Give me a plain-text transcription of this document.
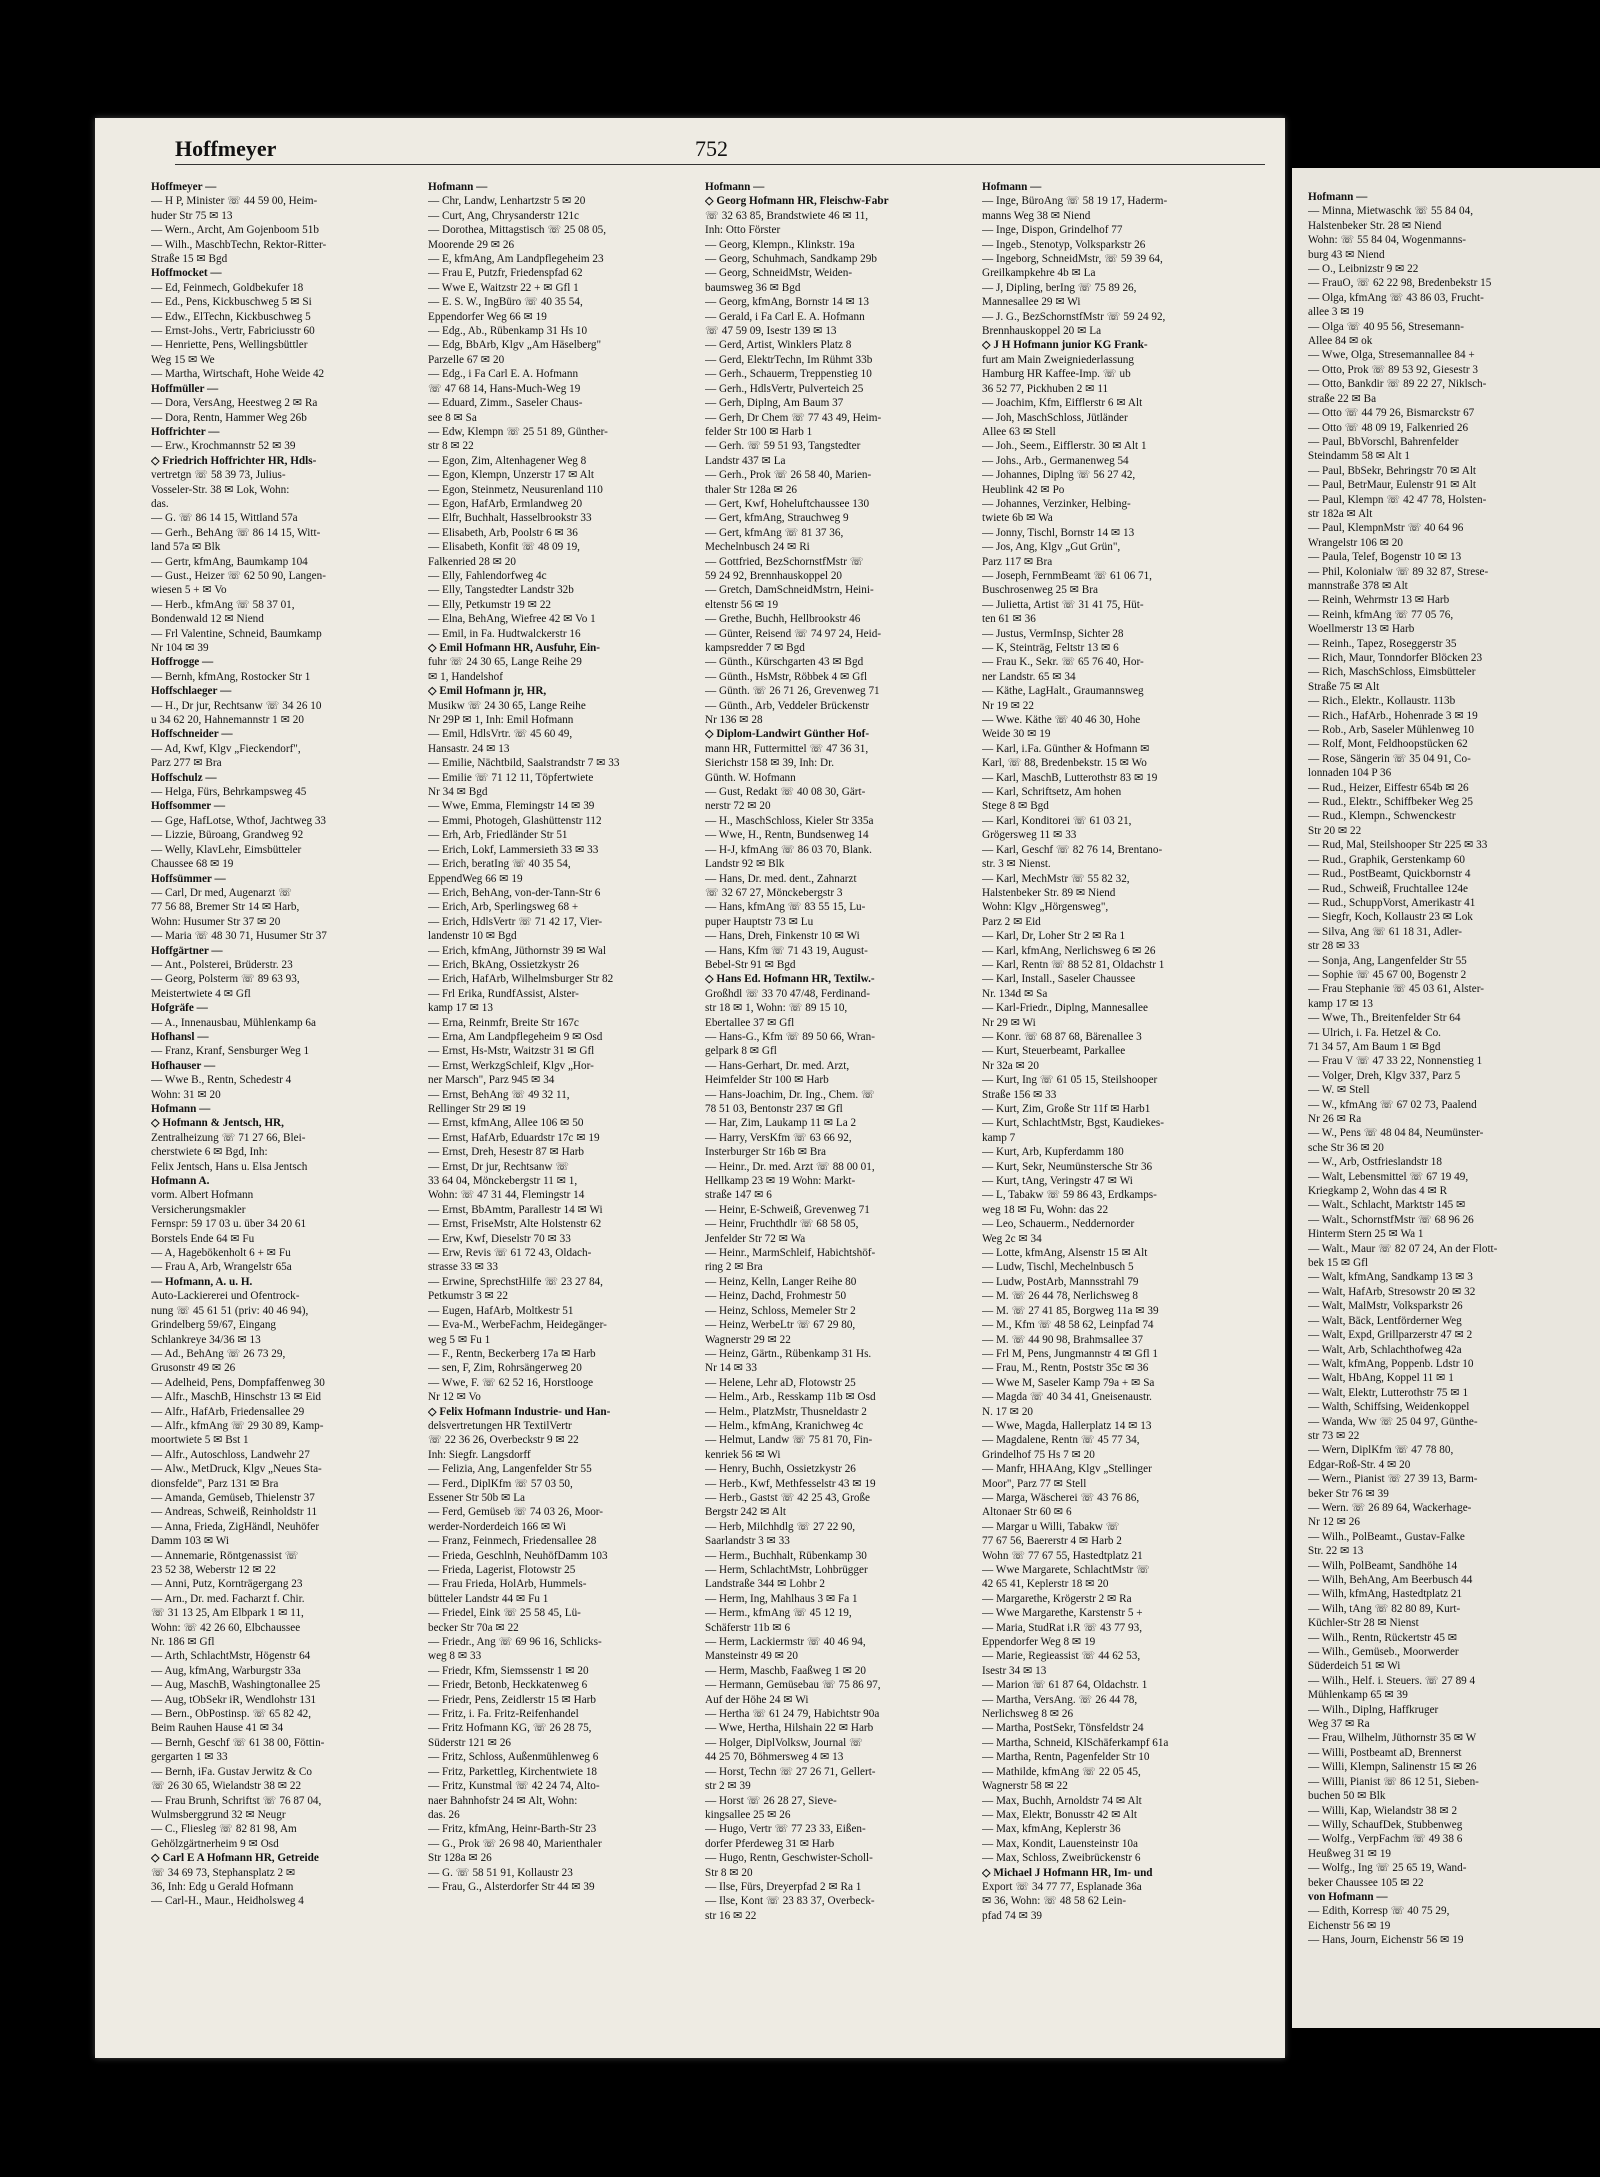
Hoffmeyer	752
Hoffmeyer —
— H P, Minister ☏ 44 59 00, Heim-
huder Str 75 ✉ 13
— Wern., Archt, Am Gojenboom 51b
— Wilh., MaschbTechn, Rektor-Ritter-
Straße 15 ✉ Bgd
Hoffmocket —
— Ed, Feinmech, Goldbekufer 18
— Ed., Pens, Kickbuschweg 5 ✉ Si
— Edw., ElTechn, Kickbuschweg 5
— Ernst-Johs., Vertr, Fabriciusstr 60
— Henriette, Pens, Wellingsbüttler
Weg 15 ✉ We
— Martha, Wirtschaft, Hohe Weide 42
Hoffmüller —
— Dora, VersAng, Heestweg 2 ✉ Ra
— Dora, Rentn, Hammer Weg 26b
Hoffrichter —
— Erw., Krochmannstr 52 ✉ 39
◇ Friedrich Hoffrichter HR, Hdls-
vertretgn ☏ 58 39 73, Julius-
Vosseler-Str. 38 ✉ Lok, Wohn:
das.
— G. ☏ 86 14 15, Wittland 57a
— Gerh., BehAng ☏ 86 14 15, Witt-
land 57a ✉ Blk
— Gertr, kfmAng, Baumkamp 104
— Gust., Heizer ☏ 62 50 90, Langen-
wiesen 5 + ✉ Vo
— Herb., kfmAng ☏ 58 37 01,
Bondenwald 12 ✉ Niend
— Frl Valentine, Schneid, Baumkamp
Nr 104 ✉ 39
Hoffrogge —
— Bernh, kfmAng, Rostocker Str 1
Hoffschlaeger —
— H., Dr jur, Rechtsanw ☏ 34 26 10
u 34 62 20, Hahnemannstr 1 ✉ 20
Hoffschneider —
— Ad, Kwf, Klgv „Fieckendorf",
Parz 277 ✉ Bra
Hoffschulz —
— Helga, Fürs, Behrkampsweg 45
Hoffsommer —
— Gge, HafLotse, Wthof, Jachtweg 33
— Lizzie, Büroang, Grandweg 92
— Welly, KlavLehr, Eimsbütteler
Chaussee 68 ✉ 19
Hoffsümmer —
— Carl, Dr med, Augenarzt ☏
77 56 88, Bremer Str 14 ✉ Harb,
Wohn: Husumer Str 37 ✉ 20
— Maria ☏ 48 30 71, Husumer Str 37
Hoffgärtner —
— Ant., Polsterei, Brüderstr. 23
— Georg, Polsterm ☏ 89 63 93,
Meistertwiete 4 ✉ Gfl
Hofgräfe —
— A., Innenausbau, Mühlenkamp 6a
Hofhansl —
— Franz, Kranf, Sensburger Weg 1
Hofhauser —
— Wwe B., Rentn, Schedestr 4
Wohn: 31 ✉ 20
Hofmann —
◇ Hofmann & Jentsch, HR,
Zentralheizung ☏ 71 27 66, Blei-
cherstwiete 6 ✉ Bgd, Inh:
Felix Jentsch, Hans u. Elsa Jentsch
Hofmann A.
vorm. Albert Hofmann
Versicherungsmakler
Fernspr: 59 17 03 u. über 34 20 61
Borstels Ende 64 ✉ Fu
— A, Hagebökenholt 6 + ✉ Fu
— Frau A, Arb, Wrangelstr 65a
— Hofmann, A. u. H.
Auto-Lackiererei und Ofentrock-
nung ☏ 45 61 51 (priv: 40 46 94),
Grindelberg 59/67, Eingang
Schlankreye 34/36 ✉ 13
— Ad., BehAng ☏ 26 73 29,
Grusonstr 49 ✉ 26
— Adelheid, Pens, Dompfaffenweg 30
— Alfr., MaschB, Hinschstr 13 ✉ Eid
— Alfr., HafArb, Friedensallee 29
— Alfr., kfmAng ☏ 29 30 89, Kamp-
moortwiete 5 ✉ Bst 1
— Alfr., Autoschloss, Landwehr 27
— Alw., MetDruck, Klgv „Neues Sta-
dionsfelde", Parz 131 ✉ Bra
— Amanda, Gemüseb, Thielenstr 37
— Andreas, Schweiß, Reinholdstr 11
— Anna, Frieda, ZigHändl, Neuhöfer
Damm 103 ✉ Wi
— Annemarie, Röntgenassist ☏
23 52 38, Weberstr 12 ✉ 22
— Anni, Putz, Kornträgergang 23
— Arn., Dr. med. Facharzt f. Chir.
☏ 31 13 25, Am Elbpark 1 ✉ 11,
Wohn: ☏ 42 26 60, Elbchaussee
Nr. 186 ✉ Gfl
— Arth, SchlachtMstr, Högenstr 64
— Aug, kfmAng, Warburgstr 33a
— Aug, MaschB, Washingtonallee 25
— Aug, tObSekr iR, Wendlohstr 131
— Bern., ObPostinsp. ☏ 65 82 42,
Beim Rauhen Hause 41 ✉ 34
— Bernh, Geschf ☏ 61 38 00, Föttin-
gergarten 1 ✉ 33
— Bernh, iFa. Gustav Jerwitz & Co
☏ 26 30 65, Wielandstr 38 ✉ 22
— Frau Brunh, Schriftst ☏ 76 87 04,
Wulmsberggrund 32 ✉ Neugr
— C., Fliesleg ☏ 82 81 98, Am
Gehölzgärtnerheim 9 ✉ Osd
◇ Carl E A Hofmann HR, Getreide
☏ 34 69 73, Stephansplatz 2 ✉
36, Inh: Edg u Gerald Hofmann
— Carl-H., Maur., Heidholsweg 4
Hofmann —
— Chr, Landw, Lenhartzstr 5 ✉ 20
— Curt, Ang, Chrysanderstr 121c
— Dorothea, Mittagstisch ☏ 25 08 05,
Moorende 29 ✉ 26
— E, kfmAng, Am Landpflegeheim 23
— Frau E, Putzfr, Friedenspfad 62
— Wwe E, Waitzstr 22 + ✉ Gfl 1
— E. S. W., IngBüro ☏ 40 35 54,
Eppendorfer Weg 66 ✉ 19
— Edg., Ab., Rübenkamp 31 Hs 10
— Edg, BbArb, Klgv „Am Häselberg"
Parzelle 67 ✉ 20
— Edg., i Fa Carl E. A. Hofmann
☏ 47 68 14, Hans-Much-Weg 19
— Eduard, Zimm., Saseler Chaus-
see 8 ✉ Sa
— Edw, Klempn ☏ 25 51 89, Günther-
str 8 ✉ 22
— Egon, Zim, Altenhagener Weg 8
— Egon, Klempn, Unzerstr 17 ✉ Alt
— Egon, Steinmetz, Neusurenland 110
— Egon, HafArb, Ermlandweg 20
— Elfr, Buchhalt, Hasselbrookstr 33
— Elisabeth, Arb, Poolstr 6 ✉ 36
— Elisabeth, Konfit ☏ 48 09 19,
Falkenried 28 ✉ 20
— Elly, Fahlendorfweg 4c
— Elly, Tangstedter Landstr 32b
— Elly, Petkumstr 19 ✉ 22
— Elna, BehAng, Wiefree 42 ✉ Vo 1
— Emil, in Fa. Hudtwalckerstr 16
◇ Emil Hofmann HR, Ausfuhr, Ein-
fuhr ☏ 24 30 65, Lange Reihe 29
✉ 1, Handelshof
◇ Emil Hofmann jr, HR,
Musikw ☏ 24 30 65, Lange Reihe
Nr 29P ✉ 1, Inh: Emil Hofmann
— Emil, HdlsVrtr. ☏ 45 60 49,
Hansastr. 24 ✉ 13
— Emilie, Nächtbild, Saalstrandstr 7 ✉ 33
— Emilie ☏ 71 12 11, Töpfertwiete
Nr 34 ✉ Bgd
— Wwe, Emma, Flemingstr 14 ✉ 39
— Emmi, Photogeh, Glashüttenstr 112
— Erh, Arb, Friedländer Str 51
— Erich, Lokf, Lammersieth 33 ✉ 33
— Erich, beratIng ☏ 40 35 54,
EppendWeg 66 ✉ 19
— Erich, BehAng, von-der-Tann-Str 6
— Erich, Arb, Sperlingsweg 68 +
— Erich, HdlsVertr ☏ 71 42 17, Vier-
landenstr 10 ✉ Bgd
— Erich, kfmAng, Jüthornstr 39 ✉ Wal
— Erich, BkAng, Ossietzkystr 26
— Erich, HafArb, Wilhelmsburger Str 82
— Frl Erika, RundfAssist, Alster-
kamp 17 ✉ 13
— Erna, Reinmfr, Breite Str 167c
— Erna, Am Landpflegeheim 9 ✉ Osd
— Ernst, Hs-Mstr, Waitzstr 31 ✉ Gfl
— Ernst, WerkzgSchleif, Klgv „Hor-
ner Marsch", Parz 945 ✉ 34
— Ernst, BehAng ☏ 49 32 11,
Rellinger Str 29 ✉ 19
— Ernst, kfmAng, Allee 106 ✉ 50
— Ernst, HafArb, Eduardstr 17c ✉ 19
— Ernst, Dreh, Hesestr 87 ✉ Harb
— Ernst, Dr jur, Rechtsanw ☏
33 64 04, Mönckebergstr 11 ✉ 1,
Wohn: ☏ 47 31 44, Flemingstr 14
— Ernst, BbAmtm, Parallestr 14 ✉ Wi
— Ernst, FriseMstr, Alte Holstenstr 62
— Erw, Kwf, Dieselstr 70 ✉ 33
— Erw, Revis ☏ 61 72 43, Oldach-
strasse 33 ✉ 33
— Erwine, SprechstHilfe ☏ 23 27 84,
Petkumstr 3 ✉ 22
— Eugen, HafArb, Moltkestr 51
— Eva-M., WerbeFachm, Heidegänger-
weg 5 ✉ Fu 1
— F., Rentn, Beckerberg 17a ✉ Harb
— sen, F, Zim, Rohrsängerweg 20
— Wwe, F. ☏ 62 52 16, Horstlooge
Nr 12 ✉ Vo
◇ Felix Hofmann Industrie- und Han-
delsvertretungen HR TextilVertr
☏ 22 36 26, Overbeckstr 9 ✉ 22
Inh: Siegfr. Langsdorff
— Felizia, Ang, Langenfelder Str 55
— Ferd., DiplKfm ☏ 57 03 50,
Essener Str 50b ✉ La
— Ferd, Gemüseb ☏ 74 03 26, Moor-
werder-Norderdeich 166 ✉ Wi
— Franz, Feinmech, Friedensallee 28
— Frieda, Geschlnh, NeuhöfDamm 103
— Frieda, Lagerist, Flotowstr 25
— Frau Frieda, HolArb, Hummels-
bütteler Landstr 44 ✉ Fu 1
— Friedel, Eink ☏ 25 58 45, Lü-
becker Str 70a ✉ 22
— Friedr., Ang ☏ 69 96 16, Schlicks-
weg 8 ✉ 33
— Friedr, Kfm, Siemssenstr 1 ✉ 20
— Friedr, Betonb, Heckkatenweg 6
— Friedr, Pens, Zeidlerstr 15 ✉ Harb
— Fritz, i. Fa. Fritz-Reifenhandel
— Fritz Hofmann KG, ☏ 26 28 75,
Süderstr 121 ✉ 26
— Fritz, Schloss, Außenmühlenweg 6
— Fritz, Parkettleg, Kirchentwiete 18
— Fritz, Kunstmal ☏ 42 24 74, Alto-
naer Bahnhofstr 24 ✉ Alt, Wohn:
das. 26
— Fritz, kfmAng, Heinr-Barth-Str 23
— G., Prok ☏ 26 98 40, Marienthaler
Str 128a ✉ 26
— G. ☏ 58 51 91, Kollaustr 23
— Frau, G., Alsterdorfer Str 44 ✉ 39
Hofmann —
◇ Georg Hofmann HR, Fleischw-Fabr
☏ 32 63 85, Brandstwiete 46 ✉ 11,
Inh: Otto Förster
— Georg, Klempn., Klinkstr. 19a
— Georg, Schuhmach, Sandkamp 29b
— Georg, SchneidMstr, Weiden-
baumsweg 36 ✉ Bgd
— Georg, kfmAng, Bornstr 14 ✉ 13
— Gerald, i Fa Carl E. A. Hofmann
☏ 47 59 09, Isestr 139 ✉ 13
— Gerd, Artist, Winklers Platz 8
— Gerd, ElektrTechn, Im Rühmt 33b
— Gerh., Schauerm, Treppenstieg 10
— Gerh., HdlsVertr, Pulverteich 25
— Gerh, Diplng, Am Baum 37
— Gerh, Dr Chem ☏ 77 43 49, Heim-
felder Str 100 ✉ Harb 1
— Gerh. ☏ 59 51 93, Tangstedter
Landstr 437 ✉ La
— Gerh., Prok ☏ 26 58 40, Marien-
thaler Str 128a ✉ 26
— Gert, Kwf, Hoheluftchaussee 130
— Gert, kfmAng, Strauchweg 9
— Gert, kfmAng ☏ 81 37 36,
Mechelnbusch 24 ✉ Ri
— Gottfried, BezSchornstfMstr ☏
59 24 92, Brennhauskoppel 20
— Gretch, DamSchneidMstrn, Heini-
eltenstr 56 ✉ 19
— Grethe, Buchh, Hellbrookstr 46
— Günter, Reisend ☏ 74 97 24, Heid-
kampsredder 7 ✉ Bgd
— Günth., Kürschgarten 43 ✉ Bgd
— Günth., HsMstr, Röbbek 4 ✉ Gfl
— Günth. ☏ 26 71 26, Grevenweg 71
— Günth., Arb, Veddeler Brückenstr
Nr 136 ✉ 28
◇ Diplom-Landwirt Günther Hof-
mann HR, Futtermittel ☏ 47 36 31,
Sierichstr 158 ✉ 39, Inh: Dr.
Günth. W. Hofmann
— Gust, Redakt ☏ 40 08 30, Gärt-
nerstr 72 ✉ 20
— H., MaschSchloss, Kieler Str 335a
— Wwe, H., Rentn, Bundsenweg 14
— H-J, kfmAng ☏ 86 03 70, Blank.
Landstr 92 ✉ Blk
— Hans, Dr. med. dent., Zahnarzt
☏ 32 67 27, Mönckebergstr 3
— Hans, kfmAng ☏ 83 55 15, Lu-
puper Hauptstr 73 ✉ Lu
— Hans, Dreh, Finkenstr 10 ✉ Wi
— Hans, Kfm ☏ 71 43 19, August-
Bebel-Str 91 ✉ Bgd
◇ Hans Ed. Hofmann HR, Textilw.-
Großhdl ☏ 33 70 47/48, Ferdinand-
str 18 ✉ 1, Wohn: ☏ 89 15 10,
Ebertallee 37 ✉ Gfl
— Hans-G., Kfm ☏ 89 50 66, Wran-
gelpark 8 ✉ Gfl
— Hans-Gerhart, Dr. med. Arzt,
Heimfelder Str 100 ✉ Harb
— Hans-Joachim, Dr. Ing., Chem. ☏
78 51 03, Bentonstr 237 ✉ Gfl
— Har, Zim, Laukamp 11 ✉ La 2
— Harry, VersKfm ☏ 63 66 92,
Insterburger Str 16b ✉ Bra
— Heinr., Dr. med. Arzt ☏ 88 00 01,
Hellkamp 23 ✉ 19 Wohn: Markt-
straße 147 ✉ 6
— Heinr, E-Schweiß, Grevenweg 71
— Heinr, Fruchthdlr ☏ 68 58 05,
Jenfelder Str 72 ✉ Wa
— Heinr., MarmSchleif, Habichtshöf-
ring 2 ✉ Bra
— Heinz, Kelln, Langer Reihe 80
— Heinz, Dachd, Frohmestr 50
— Heinz, Schloss, Memeler Str 2
— Heinz, WerbeLtr ☏ 67 29 80,
Wagnerstr 29 ✉ 22
— Heinz, Gärtn., Rübenkamp 31 Hs.
Nr 14 ✉ 33
— Helene, Lehr aD, Flotowstr 25
— Helm., Arb., Resskamp 11b ✉ Osd
— Helm., PlatzMstr, Thusneldastr 2
— Helm., kfmAng, Kranichweg 4c
— Helmut, Landw ☏ 75 81 70, Fin-
kenriek 56 ✉ Wi
— Henry, Buchh, Ossietzkystr 26
— Herb., Kwf, Methfesselstr 43 ✉ 19
— Herb., Gastst ☏ 42 25 43, Große
Bergstr 242 ✉ Alt
— Herb, Milchhdlg ☏ 27 22 90,
Saarlandstr 3 ✉ 33
— Herm., Buchhalt, Rübenkamp 30
— Herm, SchlachtMstr, Lohbrügger
Landstraße 344 ✉ Lohbr 2
— Herm, Ing, Mahlhaus 3 ✉ Fa 1
— Herm., kfmAng ☏ 45 12 19,
Schäferstr 11b ✉ 6
— Herm, Lackiermstr ☏ 40 46 94,
Mansteinstr 49 ✉ 20
— Herm, Maschb, Faaßweg 1 ✉ 20
— Hermann, Gemüsebau ☏ 75 86 97,
Auf der Höhe 24 ✉ Wi
— Hertha ☏ 61 24 79, Habichtstr 90a
— Wwe, Hertha, Hilshain 22 ✉ Harb
— Holger, DiplVolksw, Journal ☏
44 25 70, Böhmersweg 4 ✉ 13
— Horst, Techn ☏ 27 26 71, Gellert-
str 2 ✉ 39
— Horst ☏ 26 28 27, Sieve-
kingsallee 25 ✉ 26
— Hugo, Vertr ☏ 77 23 33, Eißen-
dorfer Pferdeweg 31 ✉ Harb
— Hugo, Rentn, Geschwister-Scholl-
Str 8 ✉ 20
— Ilse, Fürs, Dreyerpfad 2 ✉ Ra 1
— Ilse, Kont ☏ 23 83 37, Overbeck-
str 16 ✉ 22
Hofmann —
— Inge, BüroAng ☏ 58 19 17, Haderm-
manns Weg 38 ✉ Niend
— Inge, Dispon, Grindelhof 77
— Ingeb., Stenotyp, Volksparkstr 26
— Ingeborg, SchneidMstr, ☏ 59 39 64,
Greilkampkehre 4b ✉ La
— J, Dipling, berIng ☏ 75 89 26,
Mannesallee 29 ✉ Wi
— J. G., BezSchornstfMstr ☏ 59 24 92,
Brennhauskoppel 20 ✉ La
◇ J H Hofmann junior KG Frank-
furt am Main Zweigniederlassung
Hamburg HR Kaffee-Imp. ☏ ub
36 52 77, Pickhuben 2 ✉ 11
— Joachim, Kfm, Eifflerstr 6 ✉ Alt
— Joh, MaschSchloss, Jütländer
Allee 63 ✉ Stell
— Joh., Seem., Eifflerstr. 30 ✉ Alt 1
— Johs., Arb., Germanenweg 54
— Johannes, Diplng ☏ 56 27 42,
Heublink 42 ✉ Po
— Johannes, Verzinker, Helbing-
twiete 6b ✉ Wa
— Jonny, Tischl, Bornstr 14 ✉ 13
— Jos, Ang, Klgv „Gut Grün",
Parz 117 ✉ Bra
— Joseph, FernmBeamt ☏ 61 06 71,
Buschrosenweg 25 ✉ Bra
— Julietta, Artist ☏ 31 41 75, Hüt-
ten 61 ✉ 36
— Justus, VermInsp, Sichter 28
— K, Steinträg, Feltstr 13 ✉ 6
— Frau K., Sekr. ☏ 65 76 40, Hor-
ner Landstr. 65 ✉ 34
— Käthe, LagHalt., Graumannsweg
Nr 19 ✉ 22
— Wwe. Käthe ☏ 40 46 30, Hohe
Weide 30 ✉ 19
— Karl, i.Fa. Günther & Hofmann ✉
Karl, ☏ 88, Bredenbekstr. 15 ✉ Wo
— Karl, MaschB, Lutterothstr 83 ✉ 19
— Karl, Schriftsetz, Am hohen
Stege 8 ✉ Bgd
— Karl, Konditorei ☏ 61 03 21,
Grögersweg 11 ✉ 33
— Karl, Geschf ☏ 82 76 14, Brentano-
str. 3 ✉ Nienst.
— Karl, MechMstr ☏ 55 82 32,
Halstenbeker Str. 89 ✉ Niend
Wohn: Klgv „Hörgensweg",
Parz 2 ✉ Eid
— Karl, Dr, Loher Str 2 ✉ Ra 1
— Karl, kfmAng, Nerlichsweg 6 ✉ 26
— Karl, Rentn ☏ 88 52 81, Oldachstr 1
— Karl, Install., Saseler Chaussee
Nr. 134d ✉ Sa
— Karl-Friedr., Diplng, Mannesallee
Nr 29 ✉ Wi
— Konr. ☏ 68 87 68, Bärenallee 3
— Kurt, Steuerbeamt, Parkallee
Nr 32a ✉ 20
— Kurt, Ing ☏ 61 05 15, Steilshooper
Straße 156 ✉ 33
— Kurt, Zim, Große Str 11f ✉ Harb1
— Kurt, SchlachtMstr, Bgst, Kaudiekes-
kamp 7
— Kurt, Arb, Kupferdamm 180
— Kurt, Sekr, Neumünstersche Str 36
— Kurt, tAng, Veringstr 47 ✉ Wi
— L, Tabakw ☏ 59 86 43, Erdkamps-
weg 18 ✉ Fu, Wohn: das 22
— Leo, Schauerm., Neddernorder
Weg 2c ✉ 34
— Lotte, kfmAng, Alsenstr 15 ✉ Alt
— Ludw, Tischl, Mechelnbusch 5
— Ludw, PostArb, Mannsstrahl 79
— M. ☏ 26 44 78, Nerlichsweg 8
— M. ☏ 27 41 85, Borgweg 11a ✉ 39
— M., Kfm ☏ 48 58 62, Leinpfad 74
— M. ☏ 44 90 98, Brahmsallee 37
— Frl M, Pens, Jungmannstr 4 ✉ Gfl 1
— Frau, M., Rentn, Poststr 35c ✉ 36
— Wwe M, Saseler Kamp 79a + ✉ Sa
— Magda ☏ 40 34 41, Gneisenaustr.
N. 17 ✉ 20
— Wwe, Magda, Hallerplatz 14 ✉ 13
— Magdalene, Rentn ☏ 45 77 34,
Grindelhof 75 Hs 7 ✉ 20
— Manfr, HHAAng, Klgv „Stellinger
Moor", Parz 77 ✉ Stell
— Marga, Wäscherei ☏ 43 76 86,
Altonaer Str 60 ✉ 6
— Margar u Willi, Tabakw ☏
77 67 56, Baererstr 4 ✉ Harb 2
Wohn ☏ 77 67 55, Hastedtplatz 21
— Wwe Margarete, SchlachtMstr ☏
42 65 41, Keplerstr 18 ✉ 20
— Margarethe, Krögerstr 2 ✉ Ra
— Wwe Margarethe, Karstenstr 5 +
— Maria, StudRat i.R ☏ 43 77 93,
Eppendorfer Weg 8 ✉ 19
— Marie, Regieassist ☏ 44 62 53,
Isestr 34 ✉ 13
— Marion ☏ 61 87 64, Oldachstr. 1
— Martha, VersAng. ☏ 26 44 78,
Nerlichsweg 8 ✉ 26
— Martha, PostSekr, Tönsfeldstr 24
— Martha, Schneid, KlSchäferkampf 61a
— Martha, Rentn, Pagenfelder Str 10
— Mathilde, kfmAng ☏ 22 05 45,
Wagnerstr 58 ✉ 22
— Max, Buchh, Arnoldstr 74 ✉ Alt
— Max, Elektr, Bonusstr 42 ✉ Alt
— Max, kfmAng, Keplerstr 36
— Max, Kondit, Lauensteinstr 10a
— Max, Schloss, Zweibrückenstr 6
◇ Michael J Hofmann HR, Im- und
Export ☏ 34 77 77, Esplanade 36a
✉ 36, Wohn: ☏ 48 58 62 Lein-
pfad 74 ✉ 39
Hofmann —
— Minna, Mietwaschk ☏ 55 84 04,
Halstenbeker Str. 28 ✉ Niend
Wohn: ☏ 55 84 04, Wogenmanns-
burg 43 ✉ Niend
— O., Leibnizstr 9 ✉ 22
— FrauO, ☏ 62 22 98, Bredenbekstr 15
— Olga, kfmAng ☏ 43 86 03, Frucht-
allee 3 ✉ 19
— Olga ☏ 40 95 56, Stresemann-
Allee 84 ✉ ok
— Wwe, Olga, Stresemannallee 84 +
— Otto, Prok ☏ 89 53 92, Giesestr 3
— Otto, Bankdir ☏ 89 22 27, Niklsch-
straße 22 ✉ Ba
— Otto ☏ 44 79 26, Bismarckstr 67
— Otto ☏ 48 09 19, Falkenried 26
— Paul, BbVorschl, Bahrenfelder
Steindamm 58 ✉ Alt 1
— Paul, BbSekr, Behringstr 70 ✉ Alt
— Paul, BetrMaur, Eulenstr 91 ✉ Alt
— Paul, Klempn ☏ 42 47 78, Holsten-
str 182a ✉ Alt
— Paul, KlempnMstr ☏ 40 64 96
Wrangelstr 106 ✉ 20
— Paula, Telef, Bogenstr 10 ✉ 13
— Phil, Kolonialw ☏ 89 32 87, Strese-
mannstraße 378 ✉ Alt
— Reinh, Wehrmstr 13 ✉ Harb
— Reinh, kfmAng ☏ 77 05 76,
Woellmerstr 13 ✉ Harb
— Reinh., Tapez, Roseggerstr 35
— Rich, Maur, Tonndorfer Blöcken 23
— Rich, MaschSchloss, Eimsbütteler
Straße 75 ✉ Alt
— Rich., Elektr., Kollaustr. 113b
— Rich., HafArb., Hohenrade 3 ✉ 19
— Rob., Arb, Saseler Mühlenweg 10
— Rolf, Mont, Feldhoopstücken 62
— Rose, Sängerin ☏ 35 04 91, Co-
lonnaden 104 P 36
— Rud., Heizer, Eiffestr 654b ✉ 26
— Rud., Elektr., Schiffbeker Weg 25
— Rud., Klempn., Schwenckestr
Str 20 ✉ 22
— Rud, Mal, Steilshooper Str 225 ✉ 33
— Rud., Graphik, Gerstenkamp 60
— Rud., PostBeamt, Quickbornstr 4
— Rud., Schweiß, Fruchtallee 124e
— Rud., SchuppVorst, Amerikastr 41
— Siegfr, Koch, Kollaustr 23 ✉ Lok
— Silva, Ang ☏ 61 18 31, Adler-
str 28 ✉ 33
— Sonja, Ang, Langenfelder Str 55
— Sophie ☏ 45 67 00, Bogenstr 2
— Frau Stephanie ☏ 45 03 61, Alster-
kamp 17 ✉ 13
— Wwe, Th., Breitenfelder Str 64
— Ulrich, i. Fa. Hetzel & Co.
71 34 57, Am Baum 1 ✉ Bgd
— Frau V ☏ 47 33 22, Nonnenstieg 1
— Volger, Dreh, Klgv 337, Parz 5
— W. ✉ Stell
— W., kfmAng ☏ 67 02 73, Paalend
Nr 26 ✉ Ra
— W., Pens ☏ 48 04 84, Neumünster-
sche Str 36 ✉ 20
— W., Arb, Ostfrieslandstr 18
— Walt, Lebensmittel ☏ 67 19 49,
Kriegkamp 2, Wohn das 4 ✉ R
— Walt., Schlacht, Marktstr 145 ✉
— Walt., SchornstfMstr ☏ 68 96 26
Hinterm Stern 25 ✉ Wa 1
— Walt., Maur ☏ 82 07 24, An der Flott-
bek 15 ✉ Gfl
— Walt, kfmAng, Sandkamp 13 ✉ 3
— Walt, HafArb, Stresowstr 20 ✉ 32
— Walt, MalMstr, Volksparkstr 26
— Walt, Bäck, Lentförderner Weg
— Walt, Expd, Grillparzerstr 47 ✉ 2
— Walt, Arb, Schlachthofweg 42a
— Walt, kfmAng, Poppenb. Ldstr 10
— Walt, HbAng, Koppel 11 ✉ 1
— Walt, Elektr, Lutterothstr 75 ✉ 1
— Walth, Schiffsing, Weidenkoppel
— Wanda, Ww ☏ 25 04 97, Günthe-
str 73 ✉ 22
— Wern, DiplKfm ☏ 47 78 80,
Edgar-Roß-Str. 4 ✉ 20
— Wern., Pianist ☏ 27 39 13, Barm-
beker Str 76 ✉ 39
— Wern. ☏ 26 89 64, Wackerhage-
Nr 12 ✉ 26
— Wilh., PolBeamt., Gustav-Falke
Str. 22 ✉ 13
— Wilh, PolBeamt, Sandhöhe 14
— Wilh, BehAng, Am Beerbusch 44
— Wilh, kfmAng, Hastedtplatz 21
— Wilh, tAng ☏ 82 80 89, Kurt-
Küchler-Str 28 ✉ Nienst
— Wilh., Rentn, Rückertstr 45 ✉
— Wilh., Gemüseb., Moorwerder
Süderdeich 51 ✉ Wi
— Wilh., Helf. i. Steuers. ☏ 27 89 4
Mühlenkamp 65 ✉ 39
— Wilh., Diplng, Haffkruger
Weg 37 ✉ Ra
— Frau, Wilhelm, Jüthornstr 35 ✉ W
— Willi, Postbeamt aD, Brennerst
— Willi, Klempn, Salinenstr 15 ✉ 26
— Willi, Pianist ☏ 86 12 51, Sieben-
buchen 50 ✉ Blk
— Willi, Kap, Wielandstr 38 ✉ 2
— Willy, SchaufDek, Stubbenweg
— Wolfg., VerpFachm ☏ 49 38 6
Heußweg 31 ✉ 19
— Wolfg., Ing ☏ 25 65 19, Wand-
beker Chaussee 105 ✉ 22
von Hofmann —
— Edith, Korresp ☏ 40 75 29,
Eichenstr 56 ✉ 19
— Hans, Journ, Eichenstr 56 ✉ 19
